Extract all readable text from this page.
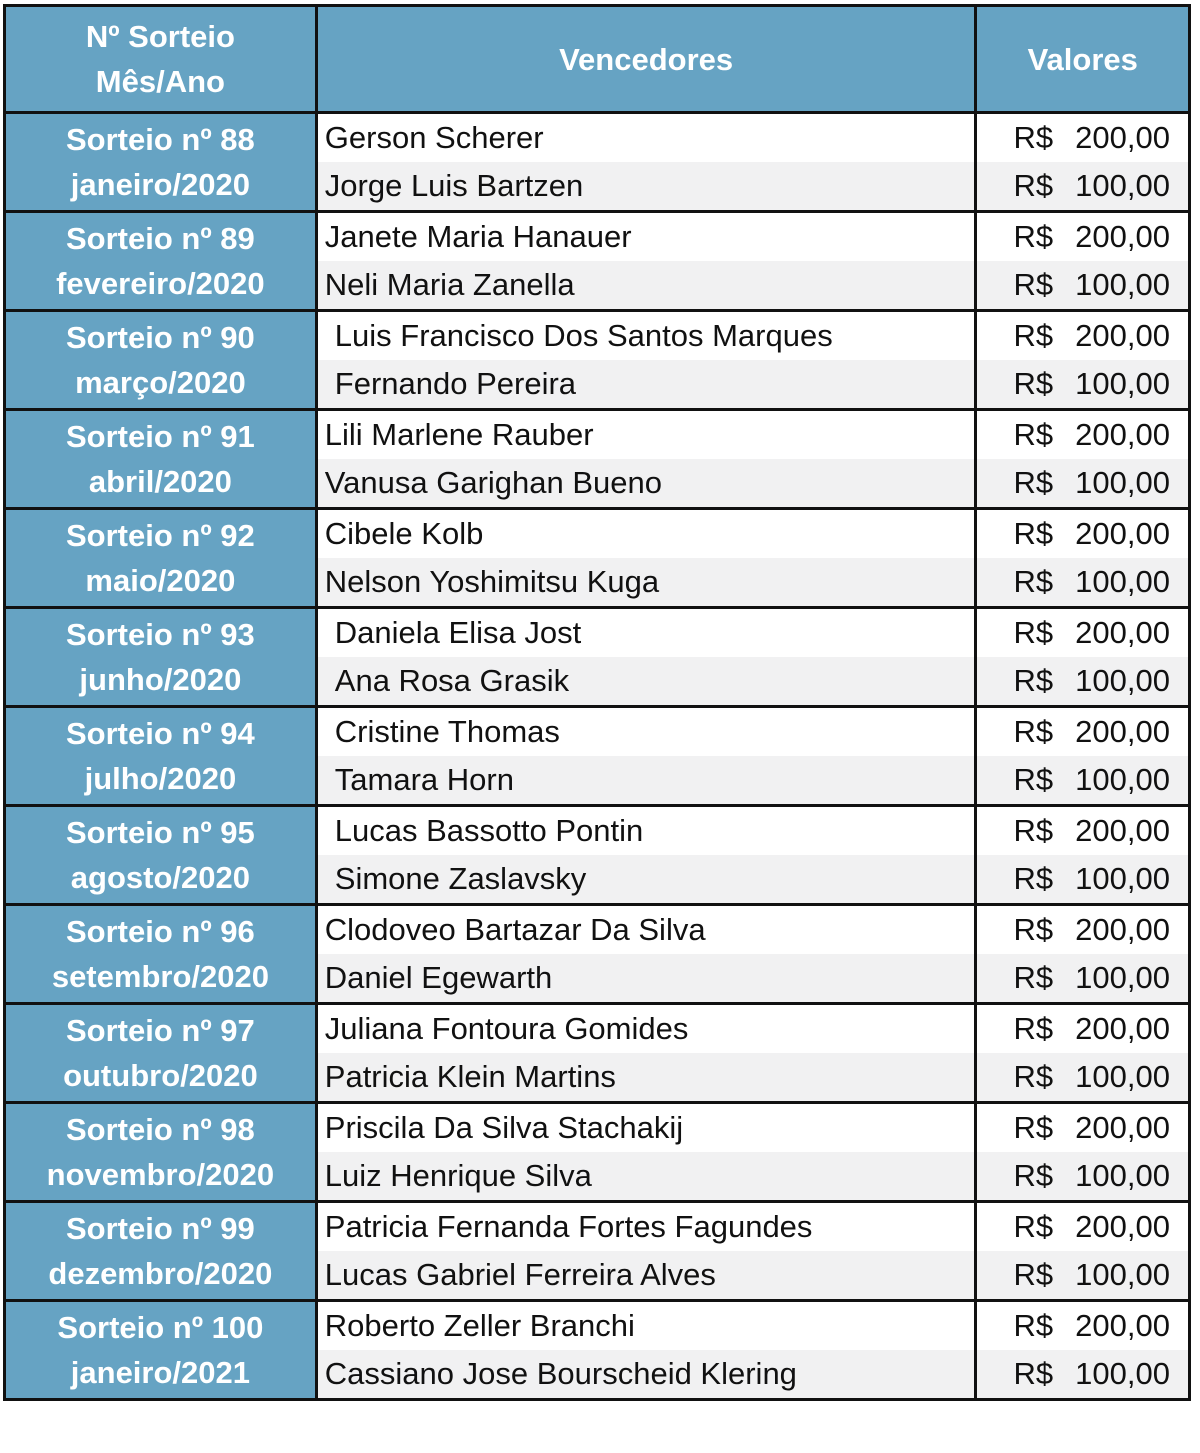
Nº Sorteio
Mês/Ano	Vencedores	Valores

Sorteio nº 88
janeiro/2020	Gerson Scherer	R$ 200,00
	Jorge Luis Bartzen	R$ 100,00

Sorteio nº 89
fevereiro/2020	Janete Maria Hanauer	R$ 200,00
	Neli Maria Zanella	R$ 100,00

Sorteio nº 90
março/2020	Luis Francisco Dos Santos Marques	R$ 200,00
	Fernando Pereira	R$ 100,00

Sorteio nº 91
abril/2020	Lili Marlene Rauber	R$ 200,00
	Vanusa Garighan Bueno	R$ 100,00

Sorteio nº 92
maio/2020	Cibele Kolb	R$ 200,00
	Nelson Yoshimitsu Kuga	R$ 100,00

Sorteio nº 93
junho/2020	Daniela Elisa Jost	R$ 200,00
	Ana Rosa Grasik	R$ 100,00

Sorteio nº 94
julho/2020	Cristine Thomas	R$ 200,00
	Tamara Horn	R$ 100,00

Sorteio nº 95
agosto/2020	Lucas Bassotto Pontin	R$ 200,00
	Simone Zaslavsky	R$ 100,00

Sorteio nº 96
setembro/2020	Clodoveo Bartazar Da Silva	R$ 200,00
	Daniel Egewarth	R$ 100,00

Sorteio nº 97
outubro/2020	Juliana Fontoura Gomides	R$ 200,00
	Patricia Klein Martins	R$ 100,00

Sorteio nº 98
novembro/2020	Priscila Da Silva Stachakij	R$ 200,00
	Luiz Henrique Silva	R$ 100,00

Sorteio nº 99
dezembro/2020	Patricia Fernanda Fortes Fagundes	R$ 200,00
	Lucas Gabriel Ferreira Alves	R$ 100,00

Sorteio nº 100
janeiro/2021	Roberto Zeller Branchi	R$ 200,00
	Cassiano Jose Bourscheid Klering	R$ 100,00
